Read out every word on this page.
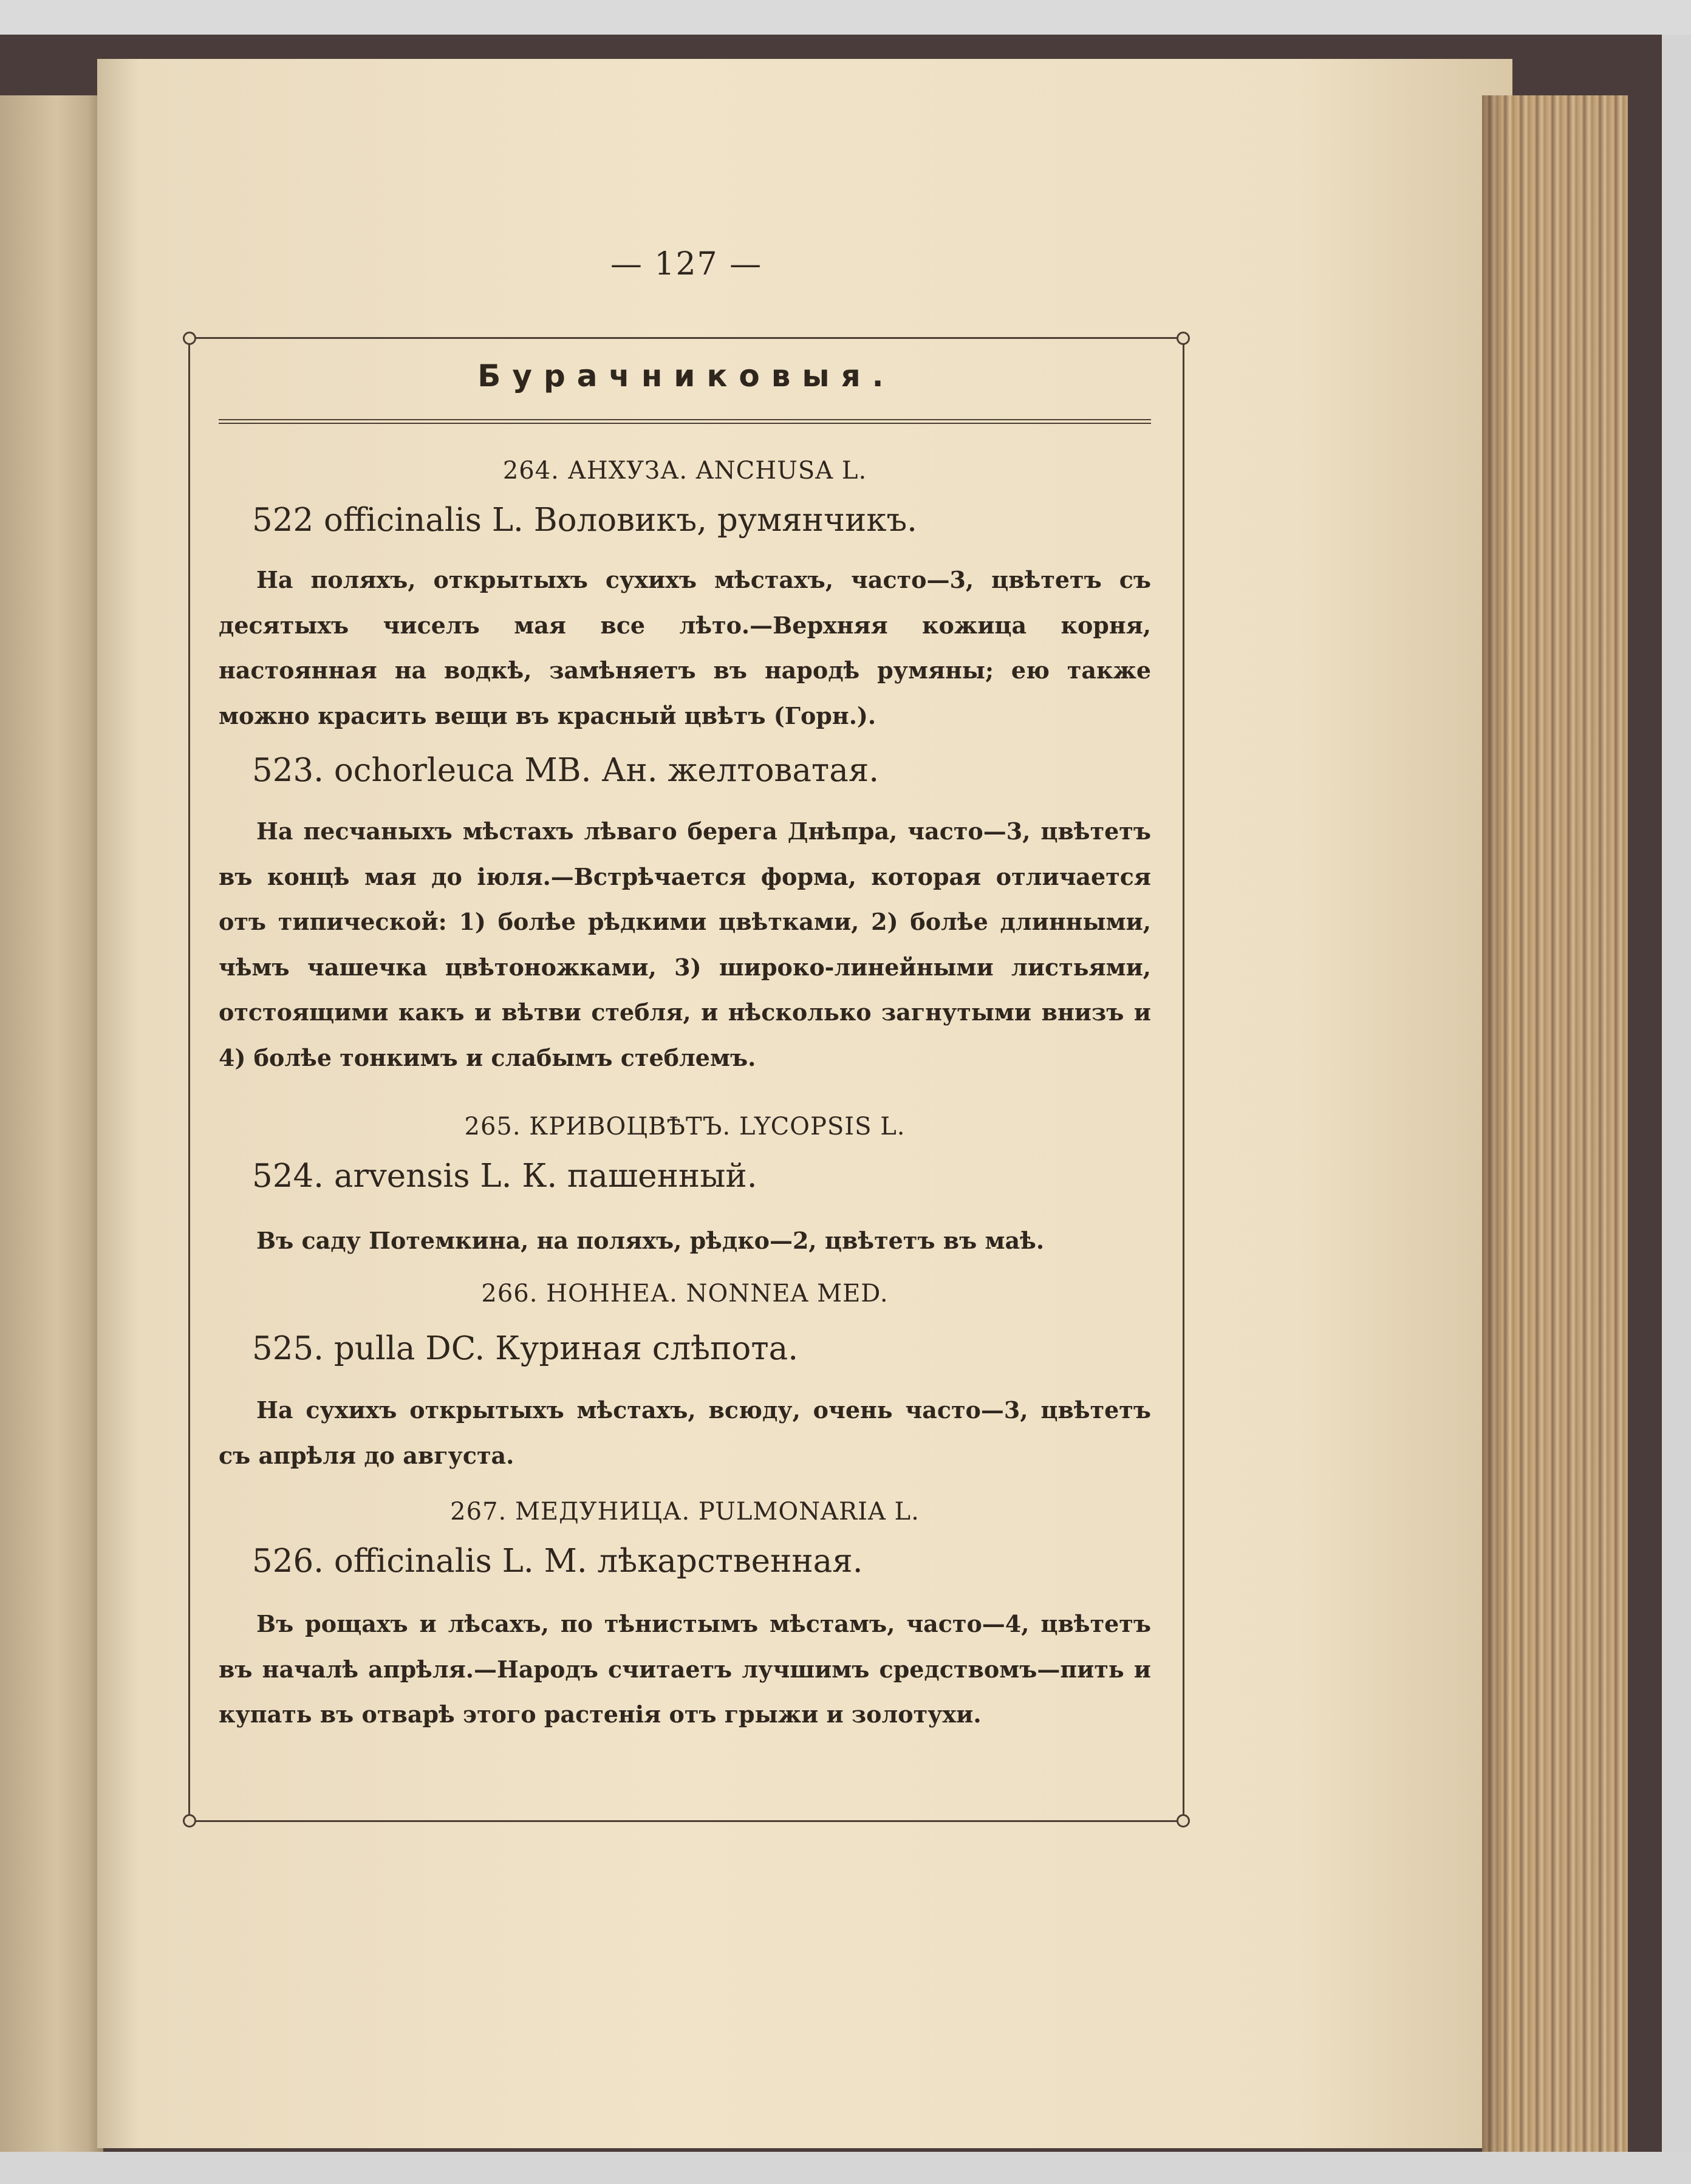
— 127 —
Бурачниковыя.
264. АНХУЗА. ANCHUSA L.
522 officinalis L. Воловикъ, румянчикъ.
На поляхъ, открытыхъ сухихъ мѣстахъ, часто—3, цвѣтетъ съ десятыхъ чиселъ мая все лѣто.—Верхняя кожица корня, настоянная на водкѣ, замѣняетъ въ народѣ румяны; ею также можно красить вещи въ красный цвѣтъ (Горн.).
523. ochorleuca MB. Ан. желтоватая.
На песчаныхъ мѣстахъ лѣваго берега Днѣпра, часто—3, цвѣтетъ въ концѣ мая до іюля.—Встрѣчается форма, которая отличается отъ типической: 1) болѣе рѣдкими цвѣтками, 2) болѣе длинными, чѣмъ чашечка цвѣтоножками, 3) широко-линейными листьями, отстоящими какъ и вѣтви стебля, и нѣсколько загнутыми внизъ и 4) болѣе тонкимъ и слабымъ стеблемъ.
265. КРИВОЦВѢТЪ. LYCOPSIS L.
524. arvensis L. К. пашенный.
Въ саду Потемкина, на поляхъ, рѣдко—2, цвѣтетъ въ маѣ.
266. НОННЕА. NONNEA MED.
525. pulla DC. Куриная слѣпота.
На сухихъ открытыхъ мѣстахъ, всюду, очень часто—3, цвѣтетъ съ апрѣля до августа.
267. МЕДУНИЦА. PULMONARIA L.
526. officinalis L. М. лѣкарственная.
Въ рощахъ и лѣсахъ, по тѣнистымъ мѣстамъ, часто—4, цвѣтетъ въ началѣ апрѣля.—Народъ считаетъ лучшимъ средствомъ—пить и купать въ отварѣ этого растенія отъ грыжи и золотухи.
